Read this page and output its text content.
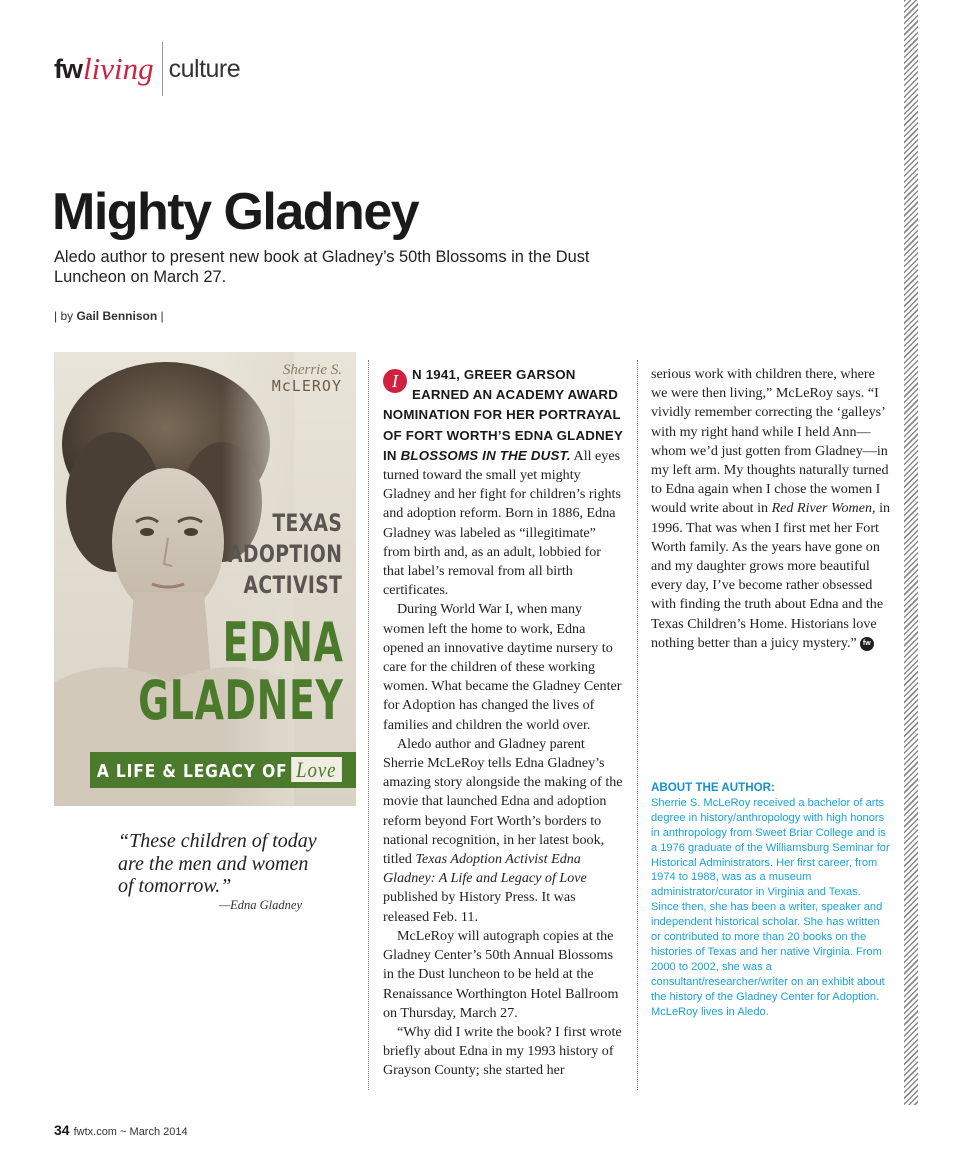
fw living culture
Mighty Gladney
Aledo author to present new book at Gladney’s 50th Blossoms in the Dust Luncheon on March 27.
| by Gail Bennison |
Sherrie S.
McLEROY
TEXAS
ADOPTION
ACTIVIST
EDNA
GLADNEY
A LIFE & LEGACY OF Love
“These children of today are the men and women of tomorrow.”
—Edna Gladney

I	N 1941, GREER GARSON EARNED AN ACADEMY AWARD NOMINATION FOR HER PORTRAYAL OF FORT WORTH’S EDNA GLADNEY IN BLOSSOMS IN THE DUST. All eyes turned toward the small yet mighty Gladney and her fight for children’s rights and adoption reform. Born in 1886, Edna Gladney was labeled as “illegitimate” from birth and, as an adult, lobbied for that label’s removal from all birth certificates.

During World War I, when many women left the home to work, Edna opened an innovative daytime nursery to care for the children of these working women. What became the Gladney Center for Adoption has changed the lives of families and children the world over.

Aledo author and Gladney parent Sherrie McLeRoy tells Edna Gladney’s amazing story alongside the making of the movie that launched Edna and adoption reform beyond Fort Worth’s borders to national recognition, in her latest book, titled Texas Adoption Activist Edna Gladney: A Life and Legacy of Love published by History Press. It was released Feb. 11.

McLeRoy will autograph copies at the Gladney Center’s 50th Annual Blossoms in the Dust luncheon to be held at the Renaissance Worthington Hotel Ballroom on Thursday, March 27.

“Why did I write the book? I first wrote briefly about Edna in my 1993 history of Grayson County; she started her

serious work with children there, where we were then living,” McLeRoy says. “I vividly remember correcting the ‘galleys’ with my right hand while I held Ann—whom we’d just gotten from Gladney—in my left arm. My thoughts naturally turned to Edna again when I chose the women I would write about in Red River Women, in 1996. That was when I first met her Fort Worth family. As the years have gone on and my daughter grows more beautiful every day, I’ve become rather obsessed with finding the truth about Edna and the Texas Children’s Home. Historians love nothing better than a juicy mystery.” fw

ABOUT THE AUTHOR:
Sherrie S. McLeRoy received a bachelor of arts degree in history/anthropology with high honors in anthropology from Sweet Briar College and is a 1976 graduate of the Williamsburg Seminar for Historical Administrators. Her first career, from 1974 to 1988, was as a museum administrator/curator in Virginia and Texas. Since then, she has been a writer, speaker and independent historical scholar. She has written or contributed to more than 20 books on the histories of Texas and her native Virginia. From 2000 to 2002, she was a consultant/researcher/writer on an exhibit about the history of the Gladney Center for Adoption. McLeRoy lives in Aledo.
34 fwtx.com ~ March 2014
